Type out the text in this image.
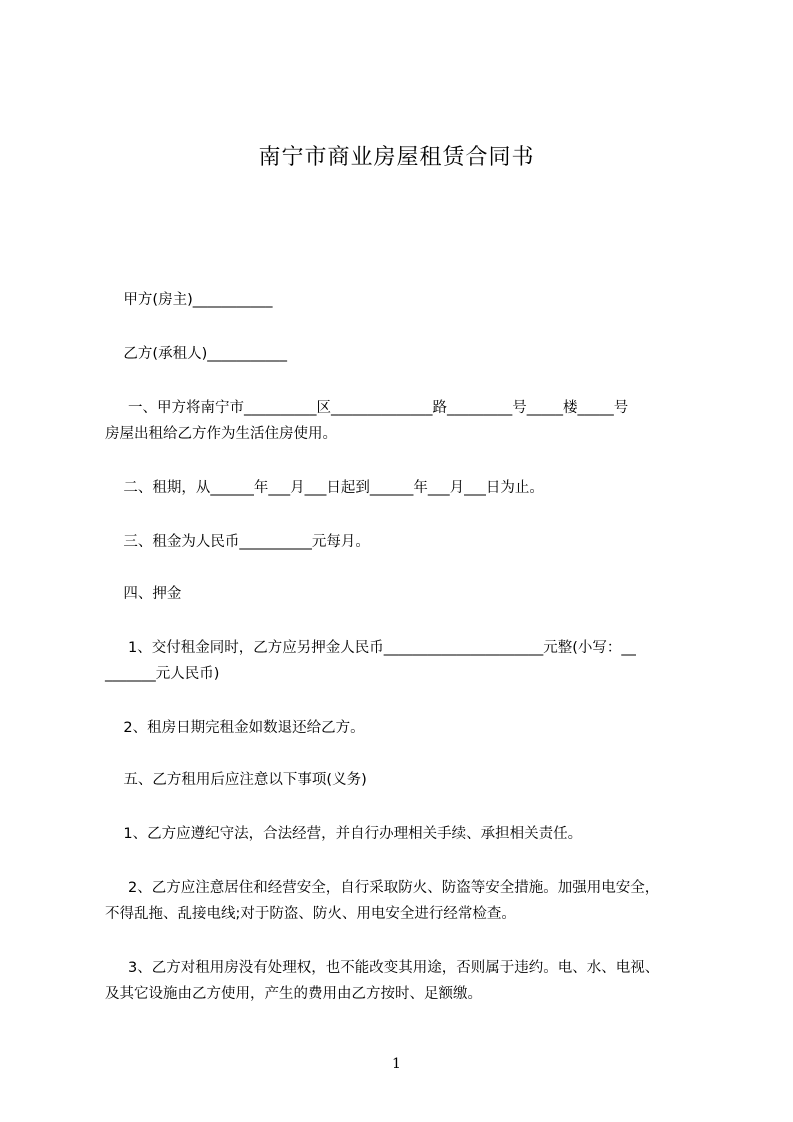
南宁市商业房屋租赁合同书

甲方(房主)___________

乙方(承租人)___________

一、甲方将南宁市__________区______________路_________号_____楼_____号

房屋出租给乙方作为生活住房使用。

二、租期，从______年___月___日起到______年___月___日为止。

三、租金为人民币__________元每月。

四、押金

1、交付租金同时，乙方应另押金人民币______________________元整(小写：__

_______元人民币)

2、租房日期完租金如数退还给乙方。

五、乙方租用后应注意以下事项(义务)

1、乙方应遵纪守法，合法经营，并自行办理相关手续、承担相关责任。

2、乙方应注意居住和经营安全，自行采取防火、防盗等安全措施。加强用电安全，

不得乱拖、乱接电线;对于防盗、防火、用电安全进行经常检查。

3、乙方对租用房没有处理权，也不能改变其用途，否则属于违约。电、水、电视、

及其它设施由乙方使用，产生的费用由乙方按时、足额缴。

1
